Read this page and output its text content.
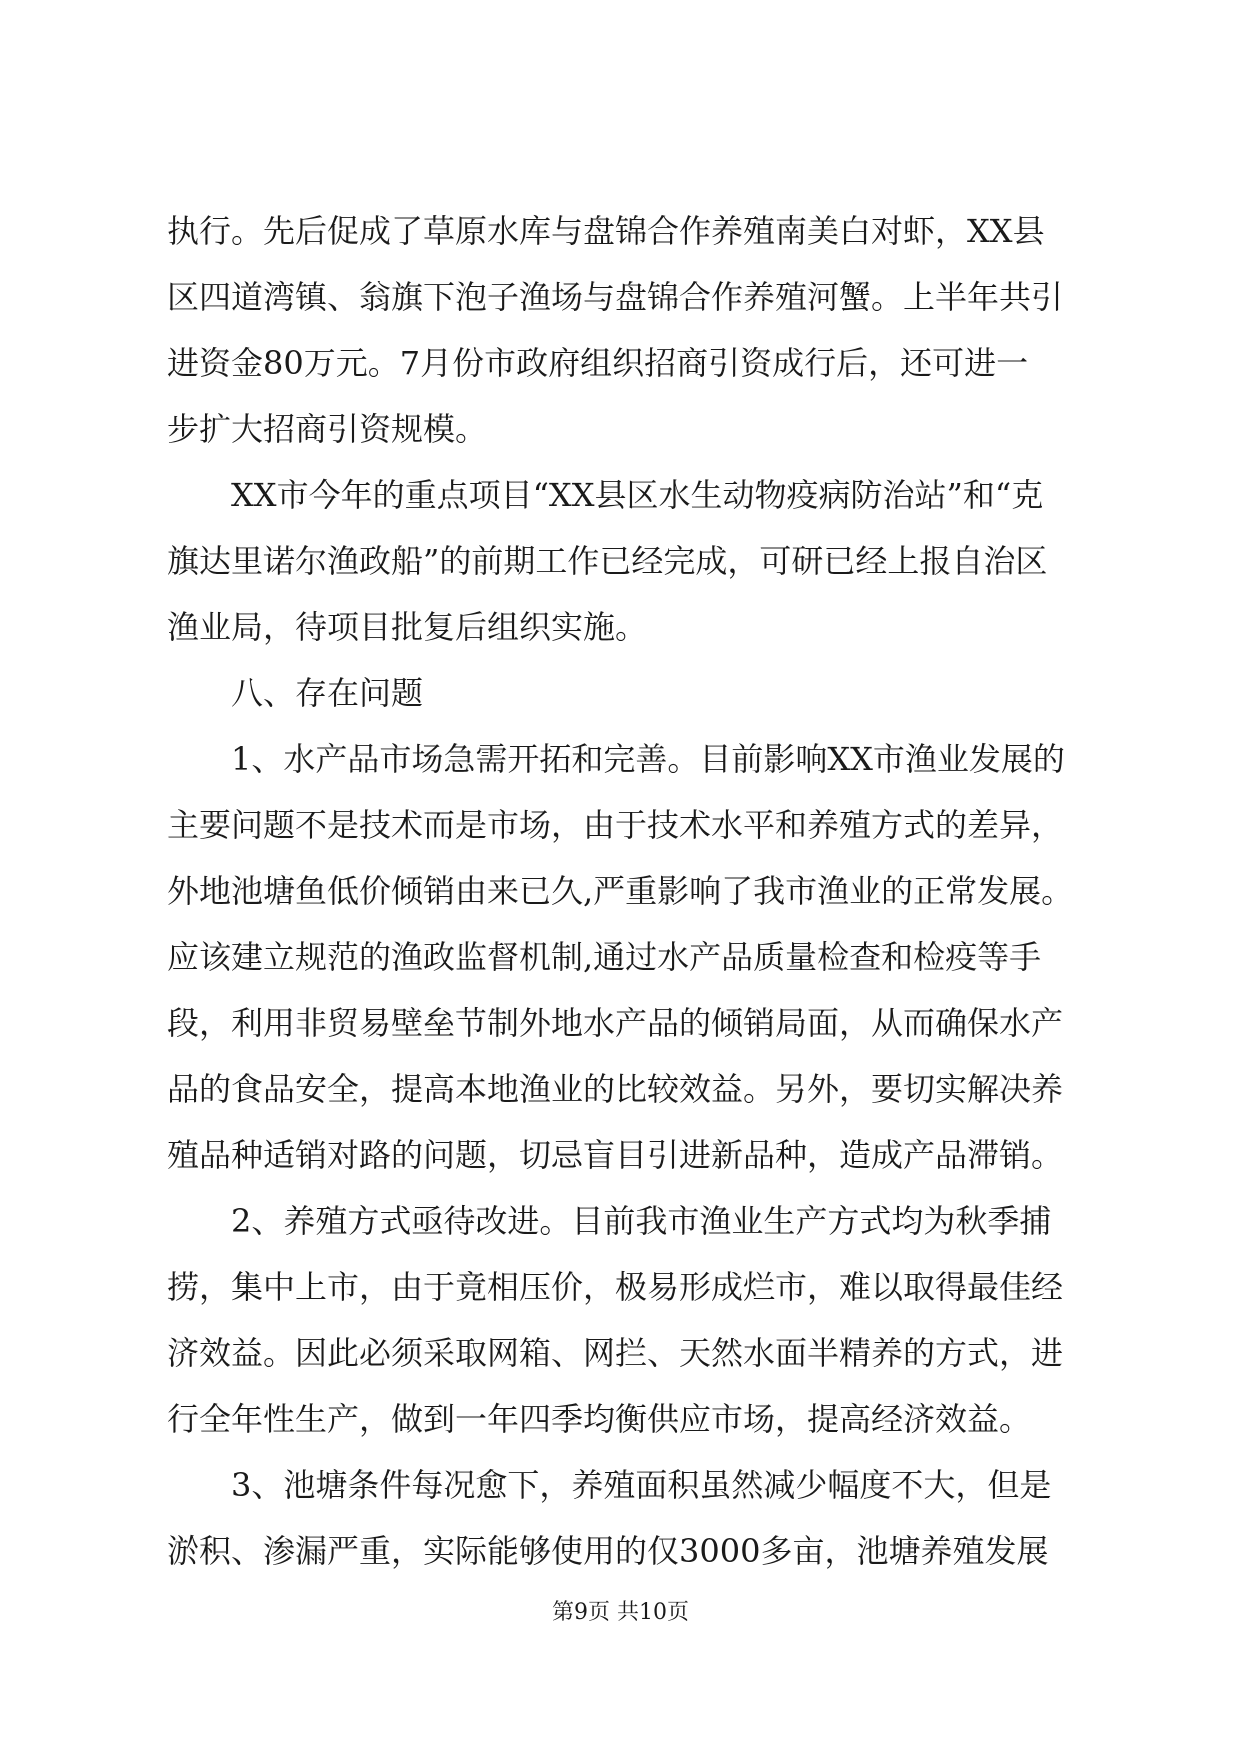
执行。先后促成了草原水库与盘锦合作养殖南美白对虾，XX县
区四道湾镇、翁旗下泡子渔场与盘锦合作养殖河蟹。上半年共引
进资金80万元。7月份市政府组织招商引资成行后，还可进一
步扩大招商引资规模。
　　XX市今年的重点项目“XX县区水生动物疫病防治站”和“克
旗达里诺尔渔政船”的前期工作已经完成，可研已经上报自治区
渔业局，待项目批复后组织实施。
　　八、存在问题
　　1、水产品市场急需开拓和完善。目前影响XX市渔业发展的
主要问题不是技术而是市场，由于技术水平和养殖方式的差异，
外地池塘鱼低价倾销由来已久,严重影响了我市渔业的正常发展。
应该建立规范的渔政监督机制,通过水产品质量检查和检疫等手
段，利用非贸易壁垒节制外地水产品的倾销局面，从而确保水产
品的食品安全，提高本地渔业的比较效益。另外，要切实解决养
殖品种适销对路的问题，切忌盲目引进新品种，造成产品滞销。
　　2、养殖方式亟待改进。目前我市渔业生产方式均为秋季捕
捞，集中上市，由于竟相压价，极易形成烂市，难以取得最佳经
济效益。因此必须采取网箱、网拦、天然水面半精养的方式，进
行全年性生产，做到一年四季均衡供应市场，提高经济效益。
　　3、池塘条件每况愈下，养殖面积虽然减少幅度不大，但是
淤积、渗漏严重，实际能够使用的仅3000多亩，池塘养殖发展
第9页 共10页
